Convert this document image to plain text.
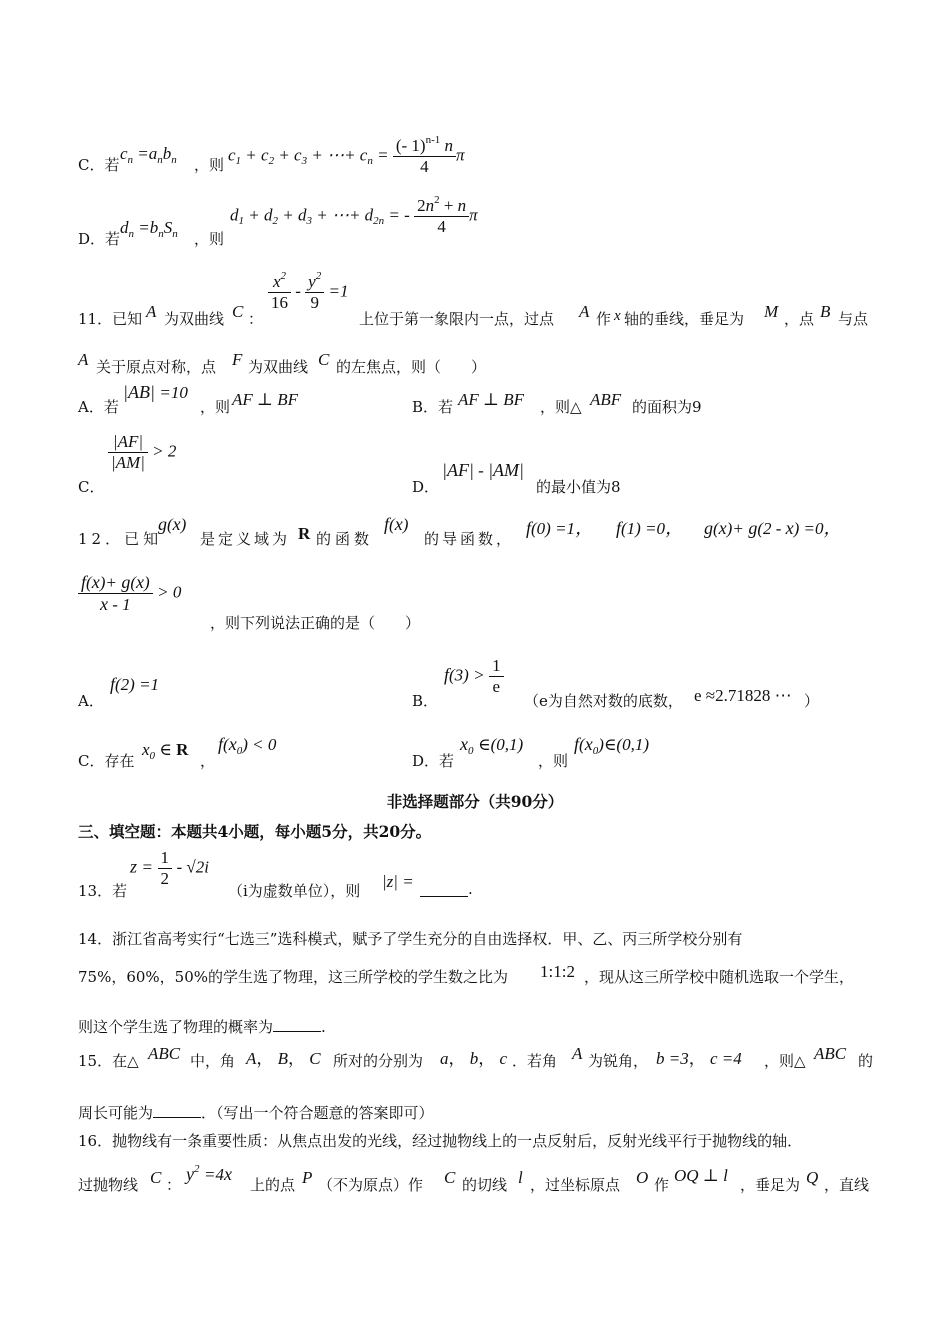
C．若
$c_n =a_nb_n$ ，则
$c_1 + c_2 + c_3$ + ⋯+ $c_n = \frac{(- 1)^{n-1} n}{4}$ π
D．若
$d_n =b_nS_n$ ，则
$d_1 + d_2 + d_3$ + ⋯+ $d_{2n}$ = - $\frac{2n^2 + n}{4}$ π
11．已知 A 为双曲线 C ：
$\frac{x^2}{16} - \frac{y^2}{9} =1$
上位于第一象限内一点，过点 A 作 x 轴的垂线，垂足为 M ，点 B 与点
A 关于原点对称，点 F 为双曲线 C 的左焦点，则（　　）
A．若
|AB| =10
，则 AF ⊥ BF	B．若 AF ⊥ BF ，则△ ABF 的面积为9
C．
$\frac{|AF|}{|AM|} > 2$
D．
|AF| - |AM|
的最小值为8
12．已知
g(x)
是定义域为 R 的函数
f(x)
的导函数，
f(0) =1， f(1) =0， g(x)+ g(2 - x) =0，
$\frac{f(x)+ g(x)}{x - 1} > 0$
，则下列说法正确的是（　　）
A．
f(2) =1
B．
$f(3) > \frac{1}{e}$
（e为自然对数的底数， e ≈2.71828 ⋯ ）
C．存在
$x_0$ ∈ R
，
$f(x_0) < 0$
D．若
$x_0$ ∈(0,1)
，则
$f(x_0)\in(0,1)$
非选择题部分（共90分）
三、填空题：本题共4小题，每小题5分，共20分。
13．若
$z = \frac{1}{2} - √2i$
（i为虚数单位），则 |z| =	.
14．浙江省高考实行“七选三”选科模式，赋予了学生充分的自由选择权．甲、乙、丙三所学校分别有
75%，60%，50%的学生选了物理，这三所学校的学生数之比为 1:1:2 ，现从这三所学校中随机选取一个学生，
则这个学生选了物理的概率为	.
15．在△ ABC 中，角 A， B， C 所对的分别为 a， b， c ．若角 A 为锐角， b =3， c =4 ，则△ ABC 的
周长可能为	．（写出一个符合题意的答案即可）
16．抛物线有一条重要性质：从焦点出发的光线，经过抛物线上的一点反射后，反射光线平行于抛物线的轴．
过抛物线 C ：
$y^2 =4x$
上的点 P （不为原点）作 C 的切线 l ，过坐标原点 O 作 OQ ⊥ l ，垂足为 Q ，直线
